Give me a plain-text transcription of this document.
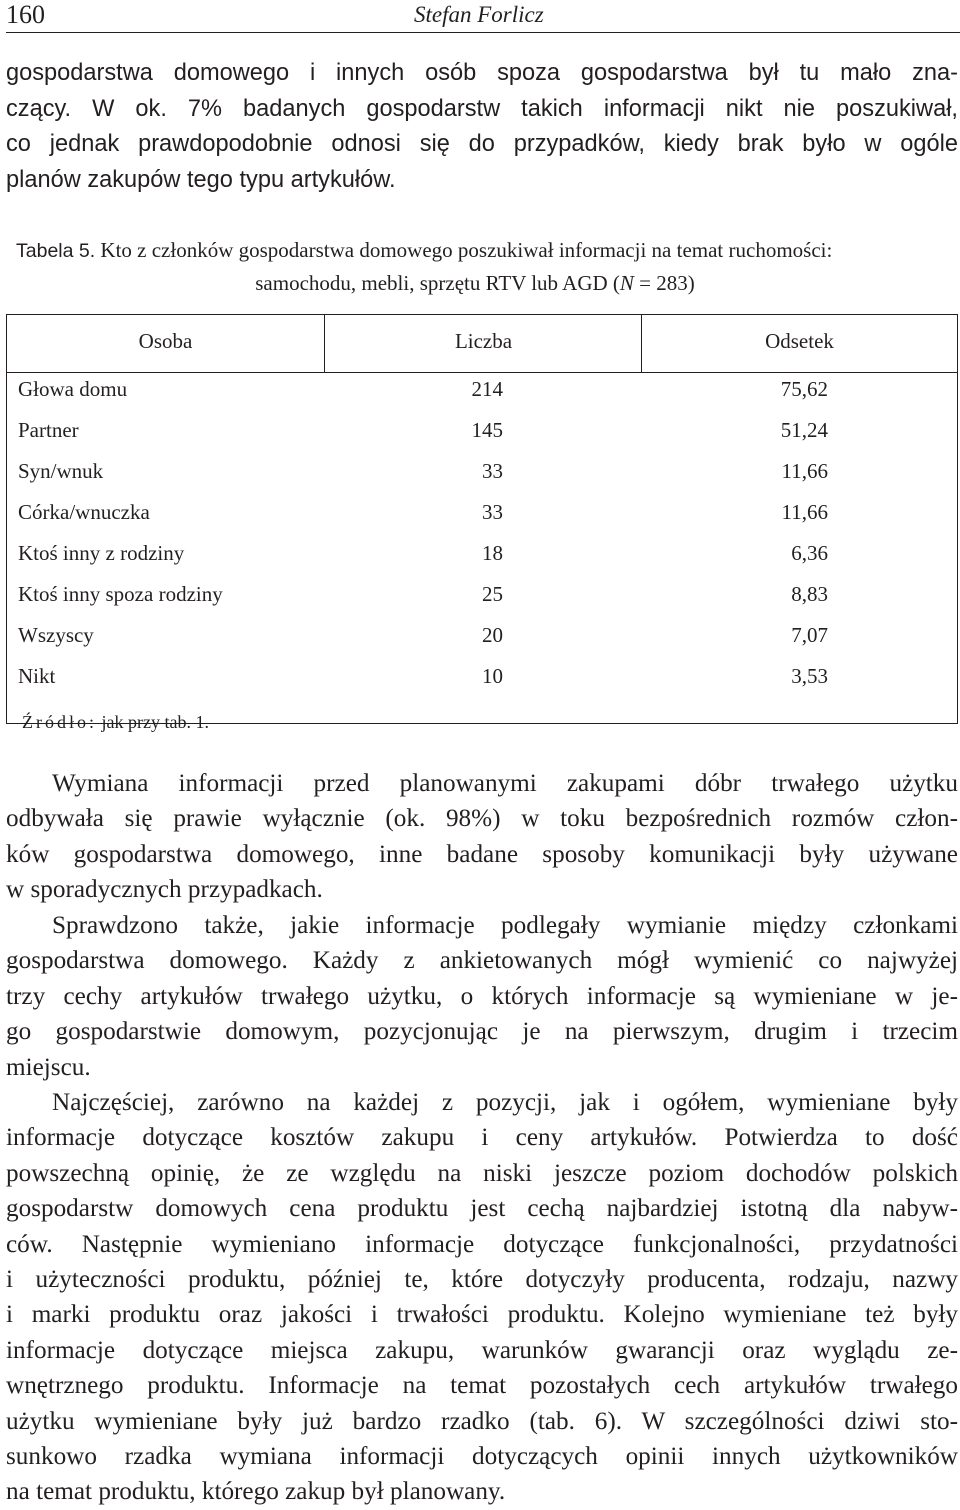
160	Stefan Forlicz
gospodarstwa domowego i innych osób spoza gospodarstwa był tu mało zna-
czący. W ok. 7% badanych gospodarstw takich informacji nikt nie poszukiwał,
co jednak prawdopodobnie odnosi się do przypadków, kiedy brak było w ogóle
planów zakupów tego typu artykułów.
Tabela 5. Kto z członków gospodarstwa domowego poszukiwał informacji na temat ruchomości:
samochodu, mebli, sprzętu RTV lub AGD (N = 283)
Osoba	Liczba	Odsetek
Głowa domu	214	75,62
Partner	145	51,24
Syn/wnuk	33	11,66
Córka/wnuczka	33	11,66
Ktoś inny z rodziny	18	6,36
Ktoś inny spoza rodziny	25	8,83
Wszyscy	20	7,07
Nikt	10	3,53
Źródło: jak przy tab. 1.
Wymiana informacji przed planowanymi zakupami dóbr trwałego użytku
odbywała się prawie wyłącznie (ok. 98%) w toku bezpośrednich rozmów człon-
ków gospodarstwa domowego, inne badane sposoby komunikacji były używane
w sporadycznych przypadkach.
Sprawdzono także, jakie informacje podlegały wymianie między członkami
gospodarstwa domowego. Każdy z ankietowanych mógł wymienić co najwyżej
trzy cechy artykułów trwałego użytku, o których informacje są wymieniane w je-
go gospodarstwie domowym, pozycjonując je na pierwszym, drugim i trzecim
miejscu.
Najczęściej, zarówno na każdej z pozycji, jak i ogółem, wymieniane były
informacje dotyczące kosztów zakupu i ceny artykułów. Potwierdza to dość
powszechną opinię, że ze względu na niski jeszcze poziom dochodów polskich
gospodarstw domowych cena produktu jest cechą najbardziej istotną dla nabyw-
ców. Następnie wymieniano informacje dotyczące funkcjonalności, przydatności
i użyteczności produktu, później te, które dotyczyły producenta, rodzaju, nazwy
i marki produktu oraz jakości i trwałości produktu. Kolejno wymieniane też były
informacje dotyczące miejsca zakupu, warunków gwarancji oraz wyglądu ze-
wnętrznego produktu. Informacje na temat pozostałych cech artykułów trwałego
użytku wymieniane były już bardzo rzadko (tab. 6). W szczególności dziwi sto-
sunkowo rzadka wymiana informacji dotyczących opinii innych użytkowników
na temat produktu, którego zakup był planowany.
